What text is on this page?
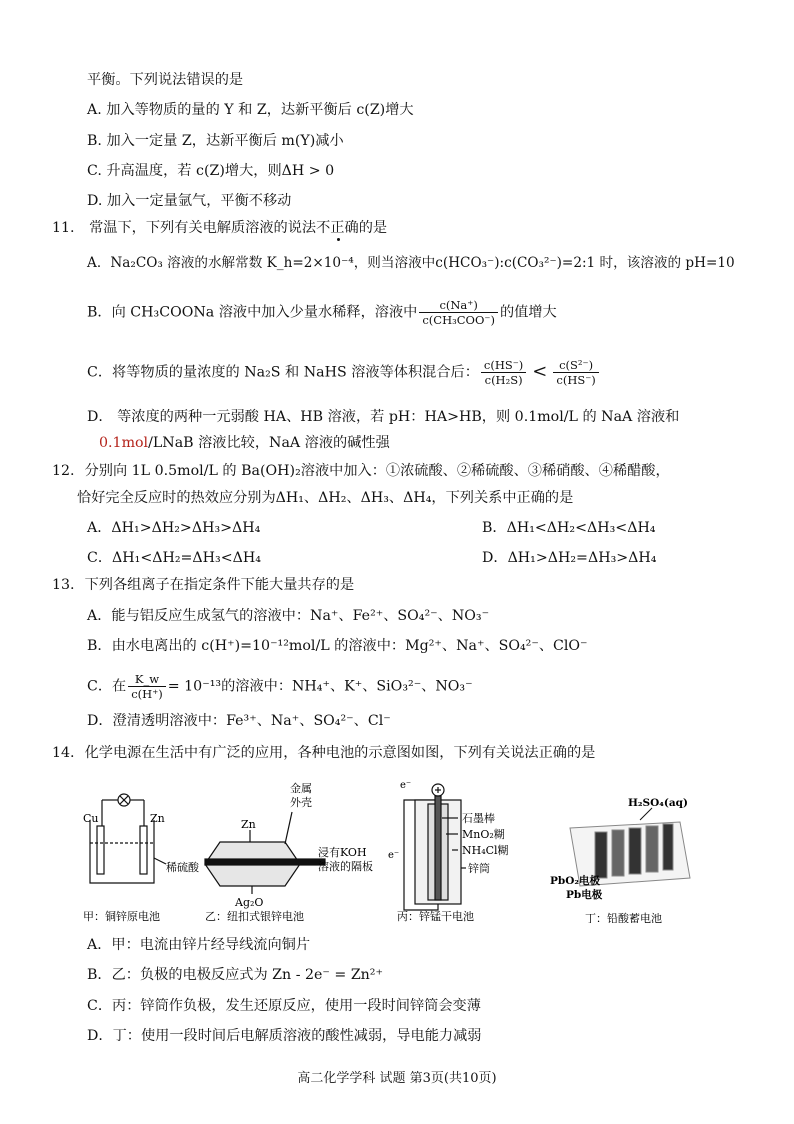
平衡。下列说法错误的是
A. 加入等物质的量的 Y 和 Z，达新平衡后 c(Z)增大
B. 加入一定量 Z，达新平衡后 m(Y)减小
C. 升高温度，若 c(Z)增大，则ΔH > 0
D. 加入一定量氩气，平衡不移动
11. 常温下，下列有关电解质溶液的说法不正确的是
A．Na₂CO₃ 溶液的水解常数 K_h=2×10⁻⁴，则当溶液中c(HCO₃⁻):c(CO₃²⁻)=2:1 时，该溶液的 pH=10
B．向 CH₃COONa 溶液中加入少量水稀释，溶液中 $\frac{c(Na^+)}{\text{c(CH₃COO⁻)}}$ 的值增大
C．将等物质的量浓度的 Na₂S 和 NaHS 溶液等体积混合后： $\frac{c(HS^-)}{\text{c(H₂S)}} < \frac{\text{c(S²⁻)}}{c(HS^-)}$
D． 等浓度的两种一元弱酸 HA、HB 溶液，若 pH：HA>HB，则 0.1mol/L 的 NaA 溶液和
0.1mol/LNaB 溶液比较，NaA 溶液的碱性强
12. 分别向 1L 0.5mol/L 的 Ba(OH)₂溶液中加入：①浓硫酸、②稀硫酸、③稀硝酸、④稀醋酸，
恰好完全反应时的热效应分别为ΔH₁、ΔH₂、ΔH₃、ΔH₄，下列关系中正确的是
A．ΔH₁>ΔH₂>ΔH₃>ΔH₄	B．ΔH₁<ΔH₂<ΔH₃<ΔH₄
C．ΔH₁<ΔH₂=ΔH₃<ΔH₄	D．ΔH₁>ΔH₂=ΔH₃>ΔH₄
13. 下列各组离子在指定条件下能大量共存的是
A．能与铝反应生成氢气的溶液中：Na⁺、Fe²⁺、SO₄²⁻、NO₃⁻
B．由水电离出的 c(H⁺)=10⁻¹²mol/L 的溶液中：Mg²⁺、Na⁺、SO₄²⁻、ClO⁻
C．在 $\frac{K\_w}{c(H^+)} = 10^{-13}$的溶液中：NH₄⁺、K⁺、SiO₃²⁻、NO₃⁻
D．澄清透明溶液中：Fe³⁺、Na⁺、SO₄²⁻、Cl⁻
14. 化学电源在生活中有广泛的应用，各种电池的示意图如图，下列有关说法正确的是
Cu	Zn
稀硫酸
Zn
金属
外壳
浸有KOH
溶液的隔板
Ag₂O
e⁻
e⁻
石墨棒
MnO₂糊
NH₄Cl糊
锌筒
H₂SO₄(aq)
PbO₂电极
Pb电极
甲：铜锌原电池	乙：纽扣式银锌电池	丙：锌锰干电池	丁：铅酸蓄电池
A．甲：电流由锌片经导线流向铜片
B．乙：负极的电极反应式为 Zn - 2e⁻ = Zn²⁺
C．丙：锌筒作负极，发生还原反应，使用一段时间锌筒会变薄
D．丁：使用一段时间后电解质溶液的酸性减弱，导电能力减弱
高二化学学科 试题 第3页(共10页)
